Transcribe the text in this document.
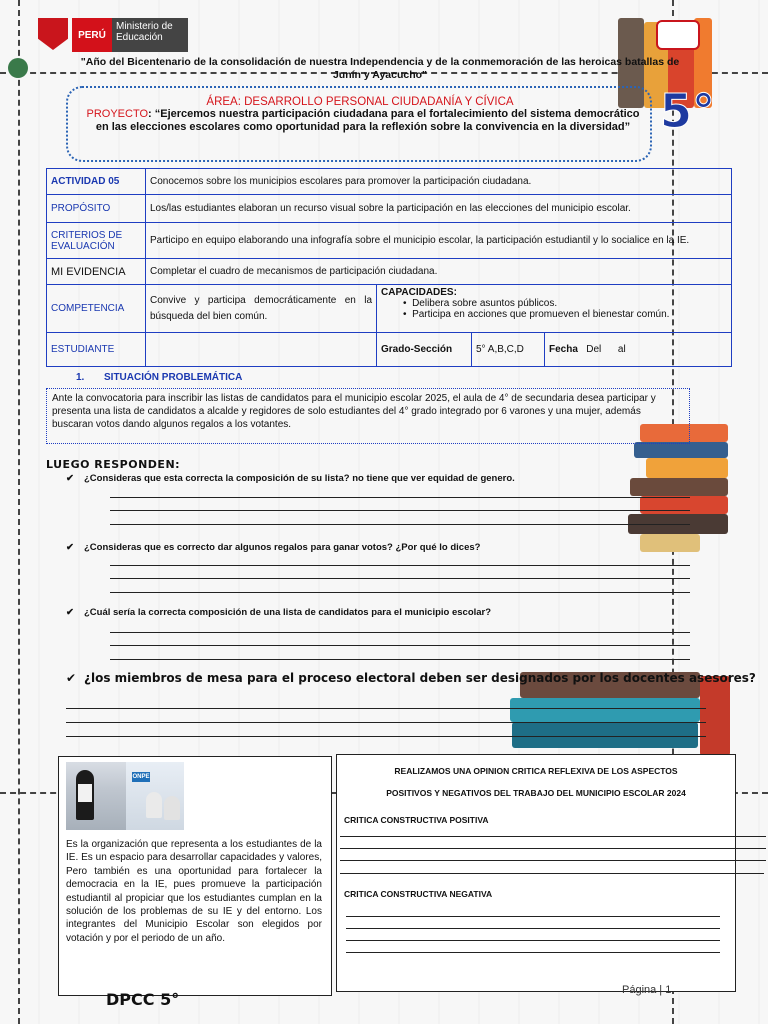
PERÚ
Ministerio de Educación
"Año del Bicentenario de la consolidación de nuestra Independencia y de la conmemoración de las heroicas batallas de Junín y Ayacucho"
ÁREA: DESARROLLO PERSONAL CIUDADANÍA Y CÍVICA
PROYECTO: “Ejercemos nuestra participación ciudadana para el fortalecimiento del sistema democrático en las elecciones escolares como oportunidad para la reflexión sobre la convivencia en la diversidad” 5°
ACTIVIDAD 05	Conocemos sobre los municipios escolares para promover la participación ciudadana.			
PROPÓSITO	Los/las estudiantes elaboran un recurso visual sobre la participación en las elecciones del municipio escolar.			
CRITERIOS DE EVALUACIÓN	Participo en equipo elaborando una infografía sobre el municipio escolar, la participación estudiantil y lo socialice en la IE.			
MI EVIDENCIA	Completar el cuadro de mecanismos de participación ciudadana.			
COMPETENCIA	Convive y participa democráticamente en la búsqueda del bien común.	CAPACIDADES:
•  Delibera sobre asuntos públicos.
•  Participa en acciones que promueven el bienestar común.		

ESTUDIANTE		Grado-Sección	5° A,B,C,D	Fecha Del      al
1. SITUACIÓN PROBLEMÁTICA
Ante la convocatoria para inscribir las listas de candidatos para el municipio escolar 2025, el aula de 4° de secundaria desea participar y presenta una lista de candidatos a alcalde y regidores de solo estudiantes del 4° grado integrado por 6 varones y una mujer, además buscaran votos dando algunos regalos a los votantes.
LUEGO RESPONDEN:
✔ ¿Consideras que esta correcta la composición de su lista? no tiene que ver equidad de genero.
✔ ¿Consideras que es correcto dar algunos regalos para ganar votos? ¿Por qué lo dices?
✔ ¿Cuál sería la correcta composición de una lista de candidatos para el municipio escolar?
✔ ¿los miembros de mesa para el proceso electoral deben ser designados por los docentes asesores?
ONPE
Es la organización que representa a los estudiantes de la IE. Es un espacio para desarrollar capacidades y valores, Pero también es una oportunidad para fortalecer la democracia en la IE, pues promueve la participación estudiantil al propiciar que los estudiantes cumplan en la solución de los problemas de su IE y del entorno. Los integrantes del Municipio Escolar son elegidos por votación y por el periodo de un año.
REALIZAMOS UNA OPINION CRITICA REFLEXIVA DE LOS ASPECTOS
POSITIVOS Y NEGATIVOS DEL TRABAJO DEL MUNICIPIO ESCOLAR 2024
CRITICA CONSTRUCTIVA POSITIVA
CRITICA CONSTRUCTIVA NEGATIVA
DPCC 5°	Página | 1
